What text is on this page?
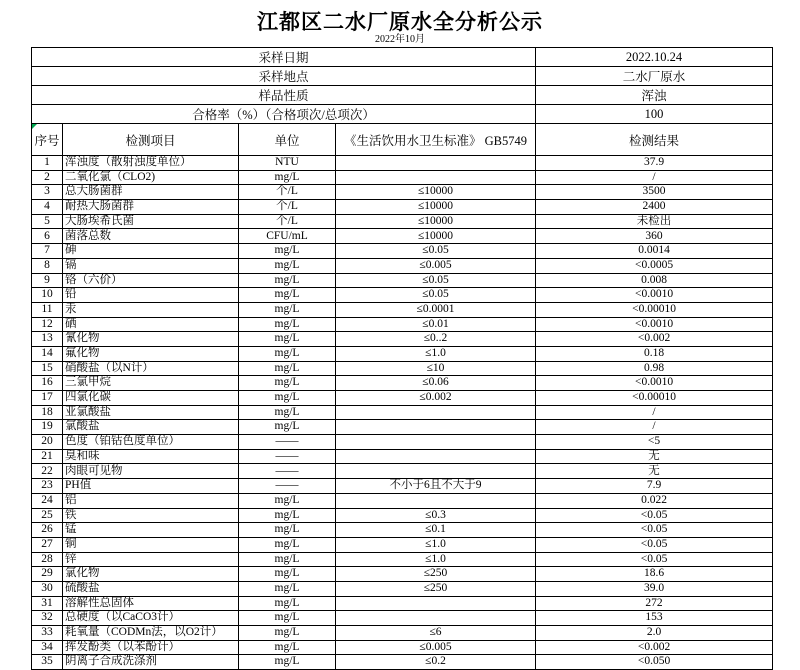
江都区二水厂原水全分析公示
2022年10月
采样日期				2022.10.24
采样地点				二水厂原水
样品性质				浑浊
合格率（%）（合格项次/总项次）				100

序号	检测项目	单位	《生活饮用水卫生标准》 GB5749	检测结果
1	浑浊度（散射浊度单位）	NTU		37.9
2	二氧化氯（CLO2)	mg/L		/
3	总大肠菌群	个/L	≤10000	3500
4	耐热大肠菌群	个/L	≤10000	2400
5	大肠埃希氏菌	个/L	≤10000	未检出
6	菌落总数	CFU/mL	≤10000	360
7	砷	mg/L	≤0.05	0.0014
8	镉	mg/L	≤0.005	<0.0005
9	铬（六价）	mg/L	≤0.05	0.008
10	铅	mg/L	≤0.05	<0.0010
11	汞	mg/L	≤0.0001	<0.00010
12	硒	mg/L	≤0.01	<0.0010
13	氰化物	mg/L	≤0..2	<0.002
14	氟化物	mg/L	≤1.0	0.18
15	硝酸盐（以N计）	mg/L	≤10	0.98
16	三氯甲烷	mg/L	≤0.06	<0.0010
17	四氯化碳	mg/L	≤0.002	<0.00010
18	亚氯酸盐	mg/L		/
19	氯酸盐	mg/L		/
20	色度（铂钴色度单位）	——		<5
21	臭和味	——		无
22	肉眼可见物	——		无
23	PH值	——	不小于6且不大于9	7.9
24	铝	mg/L		0.022
25	铁	mg/L	≤0.3	<0.05
26	锰	mg/L	≤0.1	<0.05
27	铜	mg/L	≤1.0	<0.05
28	锌	mg/L	≤1.0	<0.05
29	氯化物	mg/L	≤250	18.6
30	硫酸盐	mg/L	≤250	39.0
31	溶解性总固体	mg/L		272
32	总硬度（以CaCO3计）	mg/L		153
33	耗氧量（CODMn法，以O2计）	mg/L	≤6	2.0
34	挥发酚类（以苯酚计）	mg/L	≤0.005	<0.002
35	阴离子合成洗涤剂	mg/L	≤0.2	<0.050
